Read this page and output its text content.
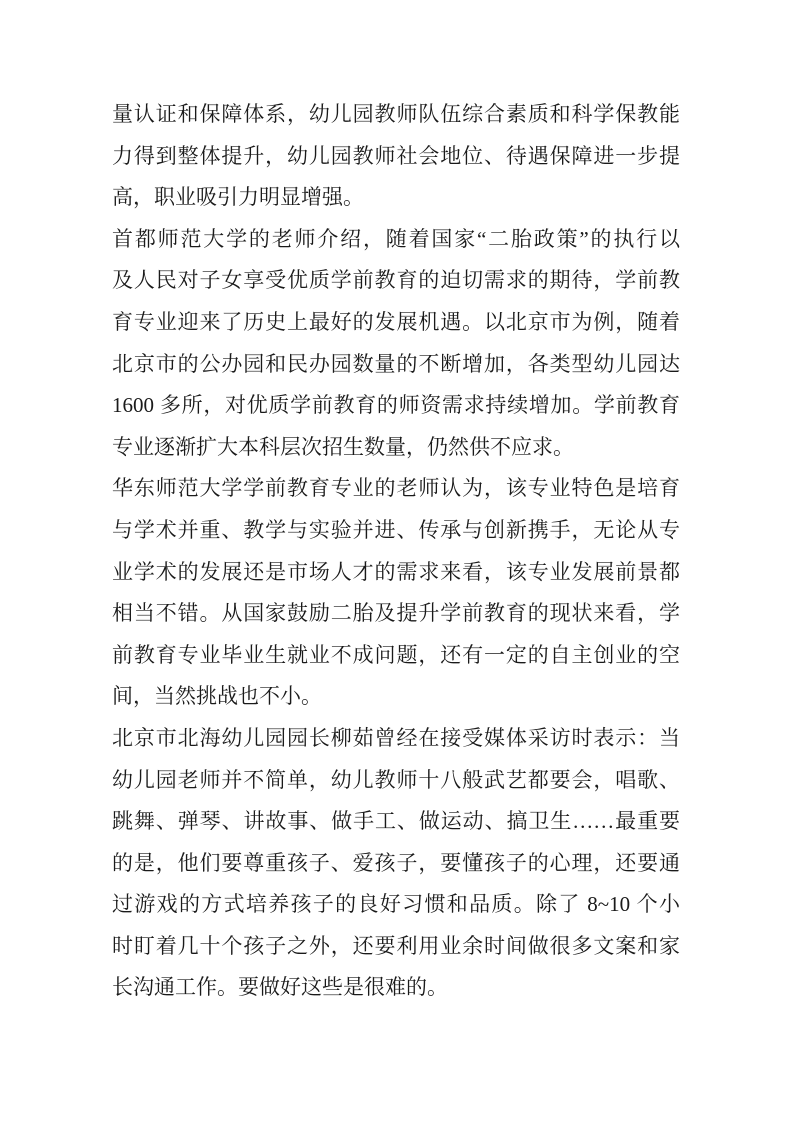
量认证和保障体系，幼儿园教师队伍综合素质和科学保教能
力得到整体提升，幼儿园教师社会地位、待遇保障进一步提
高，职业吸引力明显增强。
首都师范大学的老师介绍，随着国家“二胎政策”的执行以
及人民对子女享受优质学前教育的迫切需求的期待，学前教
育专业迎来了历史上最好的发展机遇。以北京市为例，随着
北京市的公办园和民办园数量的不断增加，各类型幼儿园达
1600 多所，对优质学前教育的师资需求持续增加。学前教育
专业逐渐扩大本科层次招生数量，仍然供不应求。
华东师范大学学前教育专业的老师认为，该专业特色是培育
与学术并重、教学与实验并进、传承与创新携手，无论从专
业学术的发展还是市场人才的需求来看，该专业发展前景都
相当不错。从国家鼓励二胎及提升学前教育的现状来看，学
前教育专业毕业生就业不成问题，还有一定的自主创业的空
间，当然挑战也不小。
北京市北海幼儿园园长柳茹曾经在接受媒体采访时表示：当
幼儿园老师并不简单，幼儿教师十八般武艺都要会，唱歌、
跳舞、弹琴、讲故事、做手工、做运动、搞卫生……最重要
的是，他们要尊重孩子、爱孩子，要懂孩子的心理，还要通
过游戏的方式培养孩子的良好习惯和品质。除了 8~10 个小
时盯着几十个孩子之外，还要利用业余时间做很多文案和家
长沟通工作。要做好这些是很难的。
